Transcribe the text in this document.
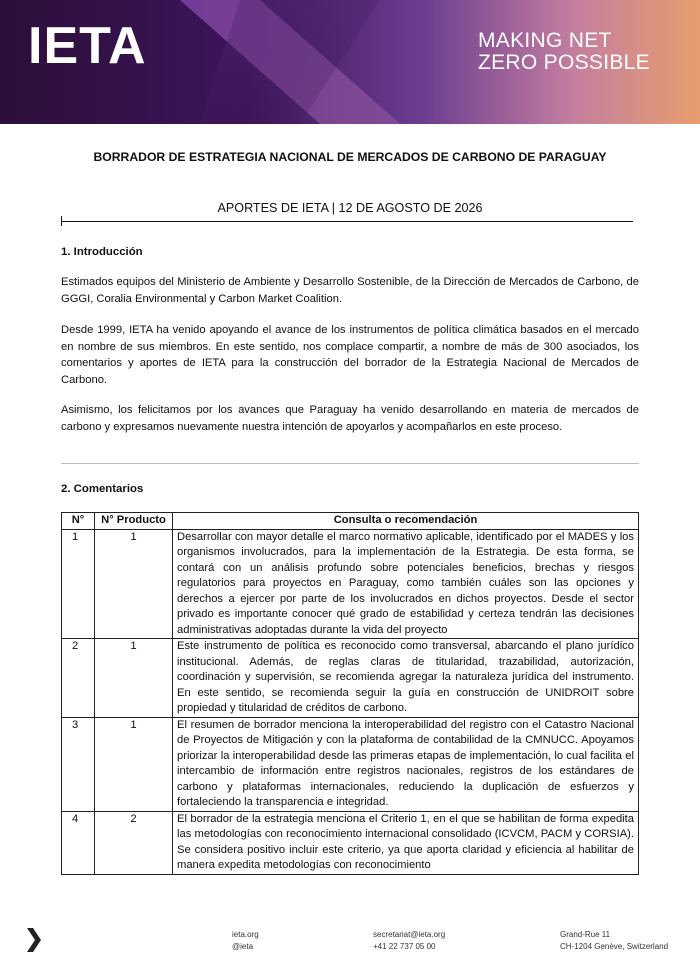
IETA	MAKING NET
ZERO POSSIBLE
BORRADOR DE ESTRATEGIA NACIONAL DE MERCADOS DE CARBONO DE PARAGUAY
APORTES DE IETA | 12 DE AGOSTO DE 2026
1. Introducción
Estimados equipos del Ministerio de Ambiente y Desarrollo Sostenible, de la Dirección de Mercados de Carbono, de GGGI, Coralia Environmental y Carbon Market Coalition.
Desde 1999, IETA ha venido apoyando el avance de los instrumentos de política climática basados en el mercado en nombre de sus miembros. En este sentido, nos complace compartir, a nombre de más de 300 asociados, los comentarios y aportes de IETA para la construcción del borrador de la Estrategia Nacional de Mercados de Carbono.
Asimismo, los felicitamos por los avances que Paraguay ha venido desarrollando en materia de mercados de carbono y expresamos nuevamente nuestra intención de apoyarlos y acompañarlos en este proceso.
2. Comentarios
N°	N° Producto	Consulta o recomendación
1	1	Desarrollar con mayor detalle el marco normativo aplicable, identificado por el MADES y los organismos involucrados, para la implementación de la Estrategia. De esta forma, se contará con un análisis profundo sobre potenciales beneficios, brechas y riesgos regulatorios para proyectos en Paraguay, como también cuáles son las opciones y derechos a ejercer por parte de los involucrados en dichos proyectos. Desde el sector privado es importante conocer qué grado de estabilidad y certeza tendrán las decisiones administrativas adoptadas durante la vida del proyecto
2	1	Este instrumento de política es reconocido como transversal, abarcando el plano jurídico institucional. Además, de reglas claras de titularidad, trazabilidad, autorización, coordinación y supervisión, se recomienda agregar la naturaleza jurídica del instrumento. En este sentido, se recomienda seguir la guía en construcción de UNIDROIT sobre propiedad y titularidad de créditos de carbono.
3	1	El resumen de borrador menciona la interoperabilidad del registro con el Catastro Nacional de Proyectos de Mitigación y con la plataforma de contabilidad de la CMNUCC. Apoyamos priorizar la interoperabilidad desde las primeras etapas de implementación, lo cual facilita el intercambio de información entre registros nacionales, registros de los estándares de carbono y plataformas internacionales, reduciendo la duplicación de esfuerzos y fortaleciendo la transparencia e integridad.
4	2	El borrador de la estrategia menciona el Criterio 1, en el que se habilitan de forma expedita las metodologías con reconocimiento internacional consolidado (ICVCM, PACM y CORSIA). Se considera positivo incluir este criterio, ya que aporta claridad y eficiencia al habilitar de manera expedita metodologías con reconocimiento
ieta.org
@ieta
secretariat@ieta.org
+41 22 737 05 00
Grand-Rue 11
CH-1204 Genève, Switzerland
